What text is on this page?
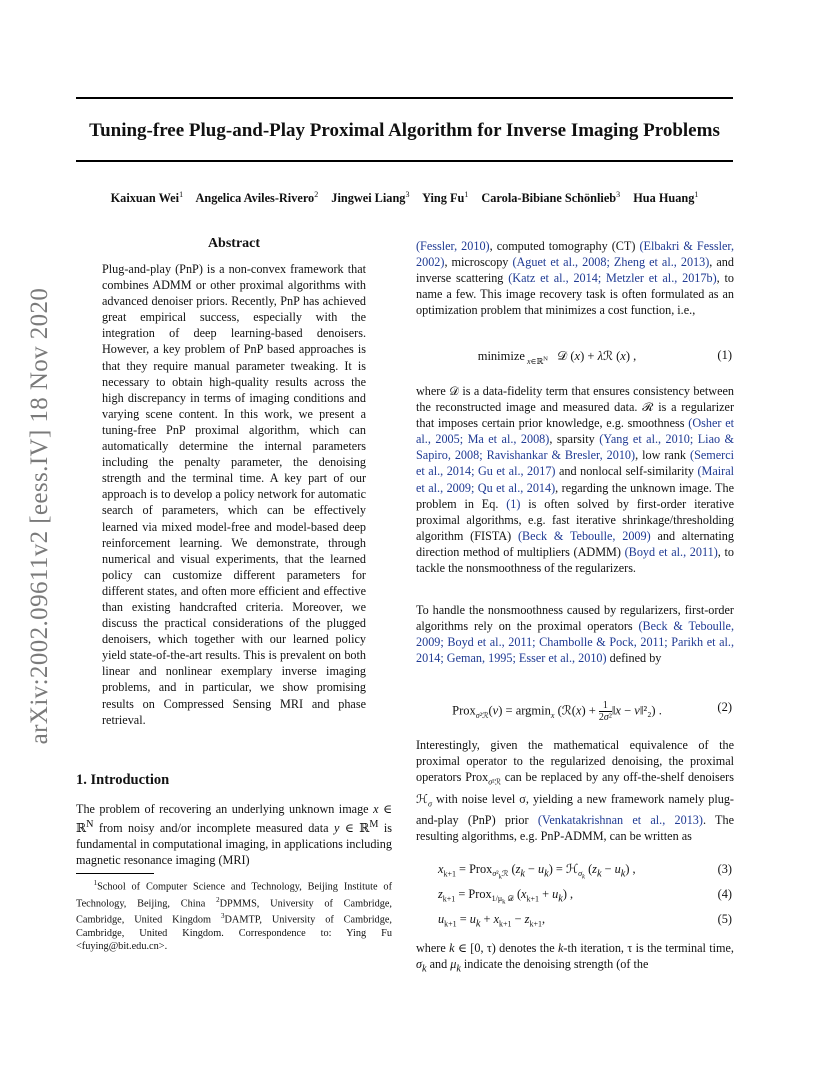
Tuning-free Plug-and-Play Proximal Algorithm for Inverse Imaging Problems
Kaixuan Wei$^1$ Angelica Aviles-Rivero$^2$ Jingwei Liang$^3$ Ying Fu$^1$ Carola-Bibiane Schönlieb$^3$ Hua Huang$^1$
arXiv:2002.09611v2 [eess.IV] 18 Nov 2020
Abstract
Plug-and-play (PnP) is a non-convex framework that combines ADMM or other proximal algorithms with advanced denoiser priors. Recently, PnP has achieved great empirical success, especially with the integration of deep learning-based denoisers. However, a key problem of PnP based approaches is that they require manual parameter tweaking. It is necessary to obtain high-quality results across the high discrepancy in terms of imaging conditions and varying scene content. In this work, we present a tuning-free PnP proximal algorithm, which can automatically determine the internal parameters including the penalty parameter, the denoising strength and the terminal time. A key part of our approach is to develop a policy network for automatic search of parameters, which can be effectively learned via mixed model-free and model-based deep reinforcement learning. We demonstrate, through numerical and visual experiments, that the learned policy can customize different parameters for different states, and often more efficient and effective than existing handcrafted criteria. Moreover, we discuss the practical considerations of the plugged denoisers, which together with our learned policy yield state-of-the-art results. This is prevalent on both linear and nonlinear exemplary inverse imaging problems, and in particular, we show promising results on Compressed Sensing MRI and phase retrieval.
1. Introduction
The problem of recovering an underlying unknown image x ∈ ℝ$^N$ from noisy and/or incomplete measured data y ∈ ℝ$^M$ is fundamental in computational imaging, in applications including magnetic resonance imaging (MRI)
$^1$School of Computer Science and Technology, Beijing Institute of Technology, Beijing, China $^2$DPMMS, University of Cambridge, Cambridge, United Kingdom $^3$DAMTP, University of Cambridge, Cambridge, United Kingdom. Correspondence to: Ying Fu <fuying@bit.edu.cn>.
(Fessler, 2010), computed tomography (CT) (Elbakri & Fessler, 2002), microscopy (Aguet et al., 2008; Zheng et al., 2013), and inverse scattering (Katz et al., 2014; Metzler et al., 2017b), to name a few. This image recovery task is often formulated as an optimization problem that minimizes a cost function, i.e.,
minimize $_{x\in ℝ^N}$   𝒟 (x) + λℛ (x) ,	(1)
where 𝒟 is a data-fidelity term that ensures consistency between the reconstructed image and measured data. ℛ is a regularizer that imposes certain prior knowledge, e.g. smoothness (Osher et al., 2005; Ma et al., 2008), sparsity (Yang et al., 2010; Liao & Sapiro, 2008; Ravishankar & Bresler, 2010), low rank (Semerci et al., 2014; Gu et al., 2017) and nonlocal self-similarity (Mairal et al., 2009; Qu et al., 2014), regarding the unknown image. The problem in Eq. (1) is often solved by first-order iterative proximal algorithms, e.g. fast iterative shrinkage/thresholding algorithm (FISTA) (Beck & Teboulle, 2009) and alternating direction method of multipliers (ADMM) (Boyd et al., 2011), to tackle the nonsmoothness of the regularizers.
To handle the nonsmoothness caused by regularizers, first-order algorithms rely on the proximal operators (Beck & Teboulle, 2009; Boyd et al., 2011; Chambolle & Pock, 2011; Parikh et al., 2014; Geman, 1995; Esser et al., 2010) defined by
Prox$_{\sigma^2ℛ}$(v) = argmin$_x$ (ℛ(x) + $\frac{1}{\text{2σ²}}$ ‖x − v‖²₂) .	(2)
Interestingly, given the mathematical equivalence of the proximal operator to the regularized denoising, the proximal operators Prox$_{\sigma^2ℛ}$ can be replaced by any off-the-shelf denoisers ℋ$_\sigma$ with noise level σ, yielding a new framework namely plug-and-play (PnP) prior (Venkatakrishnan et al., 2013). The resulting algorithms, e.g. PnP-ADMM, can be written as
$x_{k+1}$ = Prox$_{\sigma^2_kℛ}$ $(z_k - u_k)$ = ℋ$_{\sigma_k}$ $(z_k - u_k)$ ,	(3)
$z_{k+1}$ = Prox$_{1/\mu_k 𝒟}$ $(x_{k+1} + u_k)$ ,	(4)
$u_{k+1} = u_k + x_{k+1} - z_{k+1}$,	(5)
where k ∈ [0, τ) denotes the k-th iteration, τ is the terminal time, $\sigma_k$ and $\mu_k$ indicate the denoising strength (of the
